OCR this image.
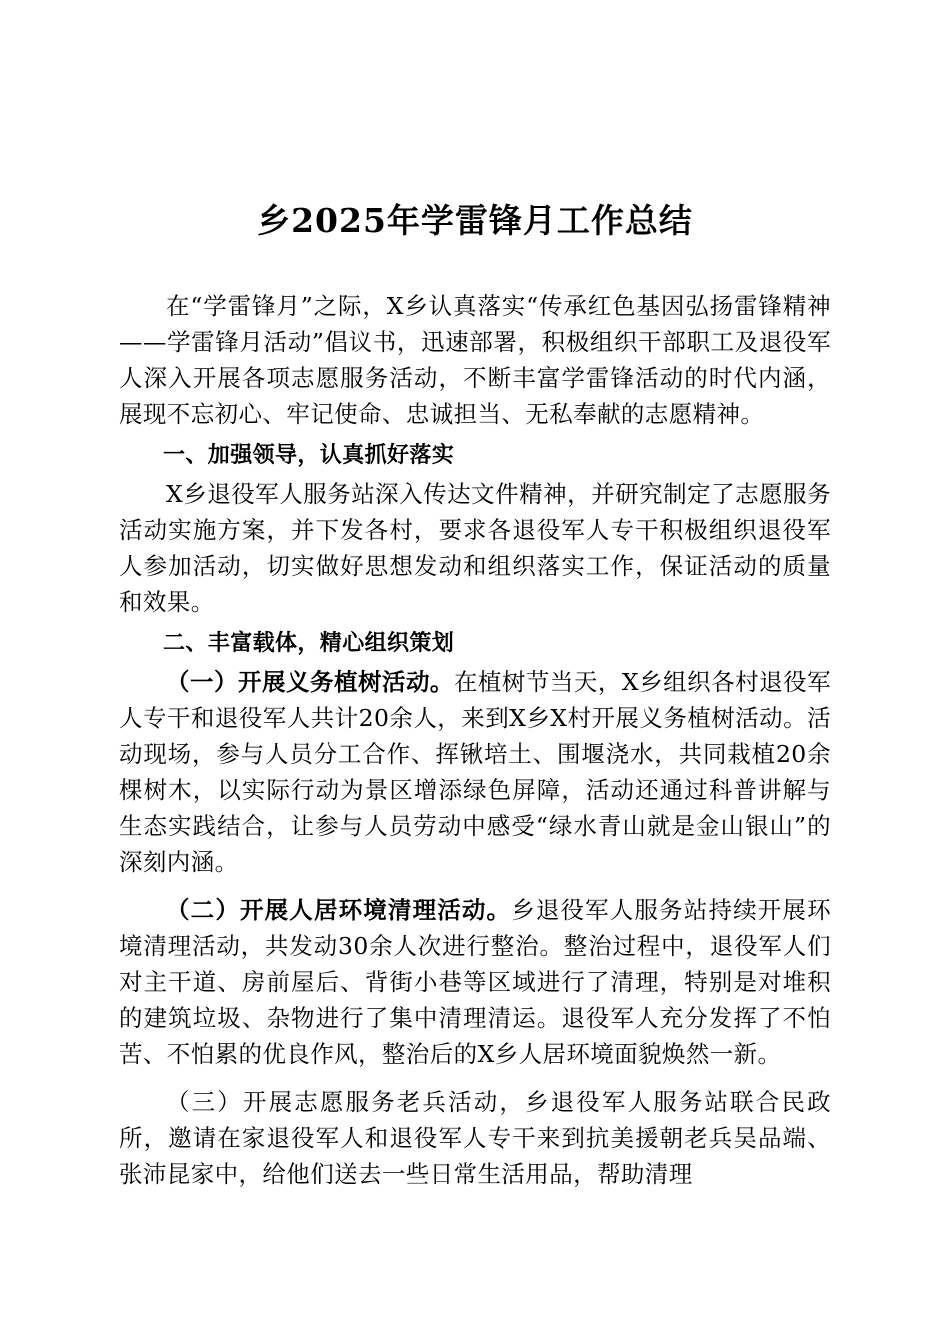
乡2025年学雷锋月工作总结

在“学雷锋月”之际，X乡认真落实“传承红色基因弘扬雷锋精神——学雷锋月活动”倡议书，迅速部署，积极组织干部职工及退役军人深入开展各项志愿服务活动，不断丰富学雷锋活动的时代内涵，展现不忘初心、牢记使命、忠诚担当、无私奉献的志愿精神。

一、加强领导，认真抓好落实

X乡退役军人服务站深入传达文件精神，并研究制定了志愿服务活动实施方案，并下发各村，要求各退役军人专干积极组织退役军人参加活动，切实做好思想发动和组织落实工作，保证活动的质量和效果。

二、丰富载体，精心组织策划

（一）开展义务植树活动。在植树节当天，X乡组织各村退役军人专干和退役军人共计20余人，来到X乡X村开展义务植树活动。活动现场，参与人员分工合作、挥锹培土、围堰浇水，共同栽植20余棵树木，以实际行动为景区增添绿色屏障，活动还通过科普讲解与生态实践结合，让参与人员劳动中感受“绿水青山就是金山银山”的深刻内涵。

（二）开展人居环境清理活动。乡退役军人服务站持续开展环境清理活动，共发动30余人次进行整治。整治过程中，退役军人们对主干道、房前屋后、背街小巷等区域进行了清理，特别是对堆积的建筑垃圾、杂物进行了集中清理清运。退役军人充分发挥了不怕苦、不怕累的优良作风，整治后的X乡人居环境面貌焕然一新。

（三）开展志愿服务老兵活动，乡退役军人服务站联合民政所，邀请在家退役军人和退役军人专干来到抗美援朝老兵吴品端、张沛昆家中，给他们送去一些日常生活用品，帮助清理
